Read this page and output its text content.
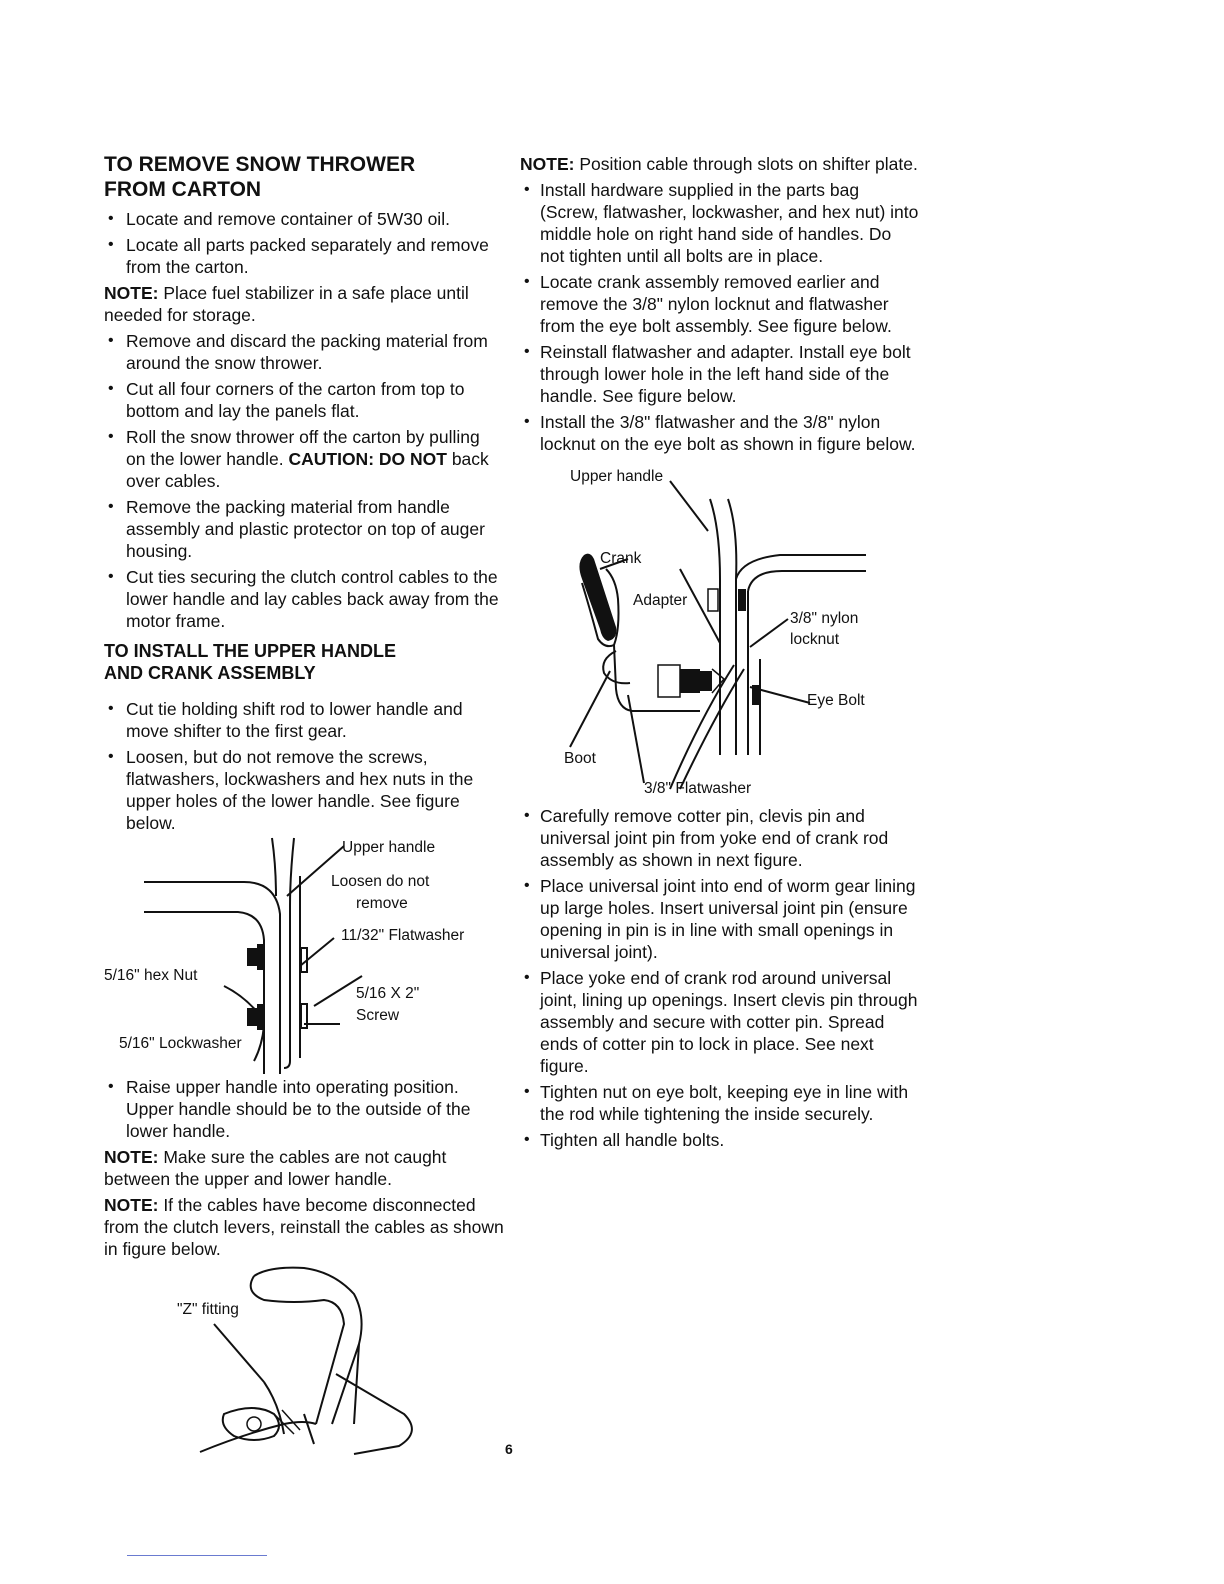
TO REMOVE SNOW THROWER
FROM CARTON
• Locate and remove container of 5W30 oil.
• Locate all parts packed separately and remove from the carton.

NOTE: Place fuel stabilizer in a safe place until needed for storage.

• Remove and discard the packing material from around the snow thrower.
• Cut all four corners of the carton from top to bottom and lay the panels flat.
• Roll the snow thrower off the carton by pulling on the lower handle. CAUTION: DO NOT back over cables.
• Remove the packing material from handle assembly and plastic protector on top of auger housing.
• Cut ties securing the clutch control cables to the lower handle and lay cables back away from the motor frame.
TO INSTALL THE UPPER HANDLE
AND CRANK ASSEMBLY
• Cut tie holding shift rod to lower handle and move shifter to the first gear.
• Loosen, but do not remove the screws, flatwashers, lockwashers and hex nuts in the upper holes of the lower handle. See figure below.
Upper handle
Loosen do not
remove
11/32" Flatwasher
5/16" hex Nut
5/16 X 2"
Screw
5/16" Lockwasher
• Raise upper handle into operating position. Upper handle should be to the outside of the lower handle.

NOTE: Make sure the cables are not caught between the upper and lower handle.

NOTE: If the cables have become disconnected from the clutch levers, reinstall the cables as shown in figure below.

"Z" fitting

NOTE: Position cable through slots on shifter plate.

• Install hardware supplied in the parts bag (Screw, flatwasher, lockwasher, and hex nut) into middle hole on right hand side of handles. Do not tighten until all bolts are in place.
• Locate crank assembly removed earlier and remove the 3/8" nylon locknut and flatwasher from the eye bolt assembly. See figure below.
• Reinstall flatwasher and adapter. Install eye bolt through lower hole in the left hand side of the handle. See figure below.
• Install the 3/8" flatwasher and the 3/8" nylon locknut on the eye bolt as shown in figure below.
Upper handle
Crank
Adapter
3/8" nylon
locknut
Eye Bolt
Boot
3/8" Flatwasher
• Carefully remove cotter pin, clevis pin and universal joint pin from yoke end of crank rod assembly as shown in next figure.
• Place universal joint into end of worm gear lining up large holes. Insert universal joint pin (ensure opening in pin is in line with small openings in universal joint).
• Place yoke end of crank rod around universal joint, lining up openings. Insert clevis pin through assembly and secure with cotter pin. Spread ends of cotter pin to lock in place. See next figure.
• Tighten nut on eye bolt, keeping eye in line with the rod while tightening the inside securely.
• Tighten all handle bolts.
6
